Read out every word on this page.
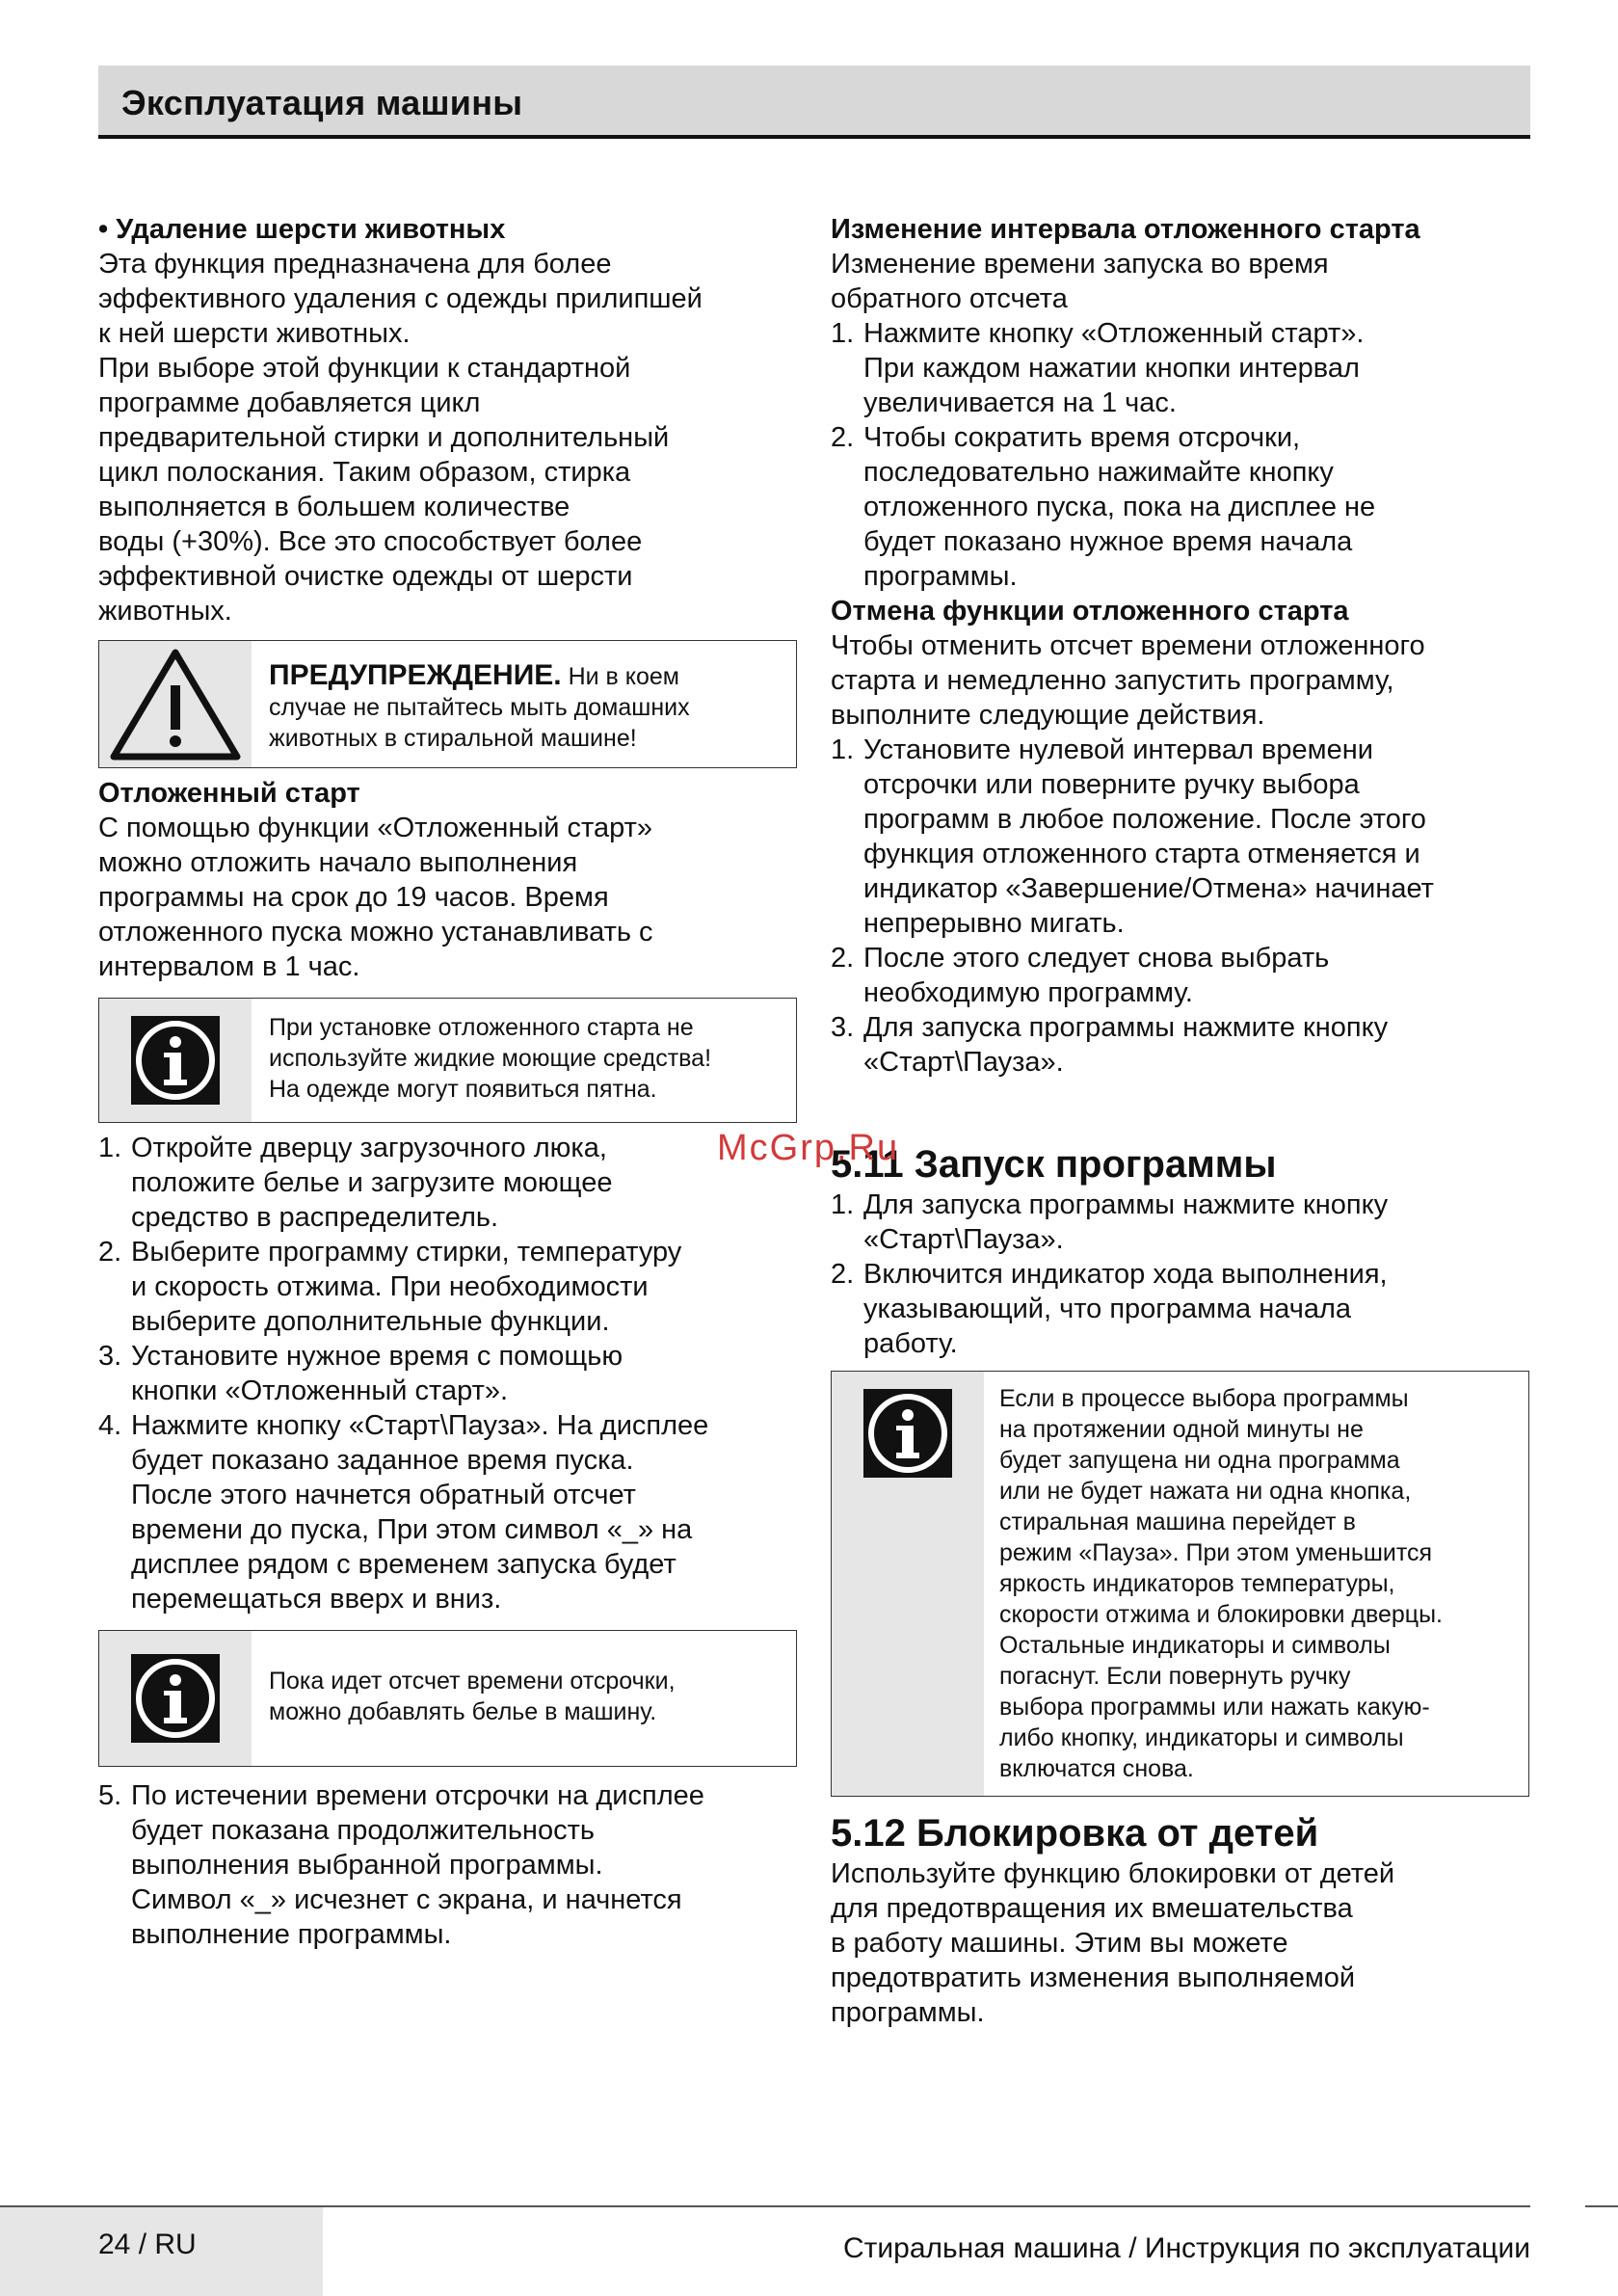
Эксплуатация машины

• Удаление шерсти животных

Эта функция предназначена для более

эффективного удаления с одежды прилипшей

к ней шерсти животных.

При выборе этой функции к стандартной

программе добавляется цикл

предварительной стирки и дополнительный

цикл полоскания. Таким образом, стирка

выполняется в большем количестве

воды (+30%). Все это способствует более

эффективной очистке одежды от шерсти

животных.

ПРЕДУПРЕЖДЕНИЕ. Ни в коем

случае не пытайтесь мыть домашних

животных в стиральной машине!

Отложенный старт

С помощью функции «Отложенный старт»

можно отложить начало выполнения

программы на срок до 19 часов. Время

отложенного пуска можно устанавливать с

интервалом в 1 час.

При установке отложенного старта не

используйте жидкие моющие средства!

На одежде могут появиться пятна.

1. Откройте дверцу загрузочного люка,

положите белье и загрузите моющее

средство в распределитель.

2. Выберите программу стирки, температуру

и скорость отжима. При необходимости

выберите дополнительные функции.

3. Установите нужное время с помощью

кнопки «Отложенный старт».

4. Нажмите кнопку «Старт\Пауза». На дисплее

будет показано заданное время пуска.

После этого начнется обратный отсчет

времени до пуска, При этом символ «_» на

дисплее рядом с временем запуска будет

перемещаться вверх и вниз.

Пока идет отсчет времени отсрочки,

можно добавлять белье в машину.

5. По истечении времени отсрочки на дисплее

будет показана продолжительность

выполнения выбранной программы.

Символ «_» исчезнет с экрана, и начнется

выполнение программы.

Изменение интервала отложенного старта

Изменение времени запуска во время

обратного отсчета

1. Нажмите кнопку «Отложенный старт».

При каждом нажатии кнопки интервал

увеличивается на 1 час.

2. Чтобы сократить время отсрочки,

последовательно нажимайте кнопку

отложенного пуска, пока на дисплее не

будет показано нужное время начала

программы.

Отмена функции отложенного старта

Чтобы отменить отсчет времени отложенного

старта и немедленно запустить программу,

выполните следующие действия.

1. Установите нулевой интервал времени

отсрочки или поверните ручку выбора

программ в любое положение. После этого

функция отложенного старта отменяется и

индикатор «Завершение/Отмена» начинает

непрерывно мигать.

2. После этого следует снова выбрать

необходимую программу.

3. Для запуска программы нажмите кнопку

«Старт\Пауза».

5.11 Запуск программы

1. Для запуска программы нажмите кнопку

«Старт\Пауза».

2. Включится индикатор хода выполнения,

указывающий, что программа начала

работу.

Если в процессе выбора программы

на протяжении одной минуты не

будет запущена ни одна программа

или не будет нажата ни одна кнопка,

стиральная машина перейдет в

режим «Пауза». При этом уменьшится

яркость индикаторов температуры,

скорости отжима и блокировки дверцы.

Остальные индикаторы и символы

погаснут. Если повернуть ручку

выбора программы или нажать какую-

либо кнопку, индикаторы и символы

включатся снова.

5.12 Блокировка от детей

Используйте функцию блокировки от детей

для предотвращения их вмешательства

в работу машины. Этим вы можете

предотвратить изменения выполняемой

программы.

McGrp.Ru
24 / RU	Стиральная машина / Инструкция по эксплуатации
